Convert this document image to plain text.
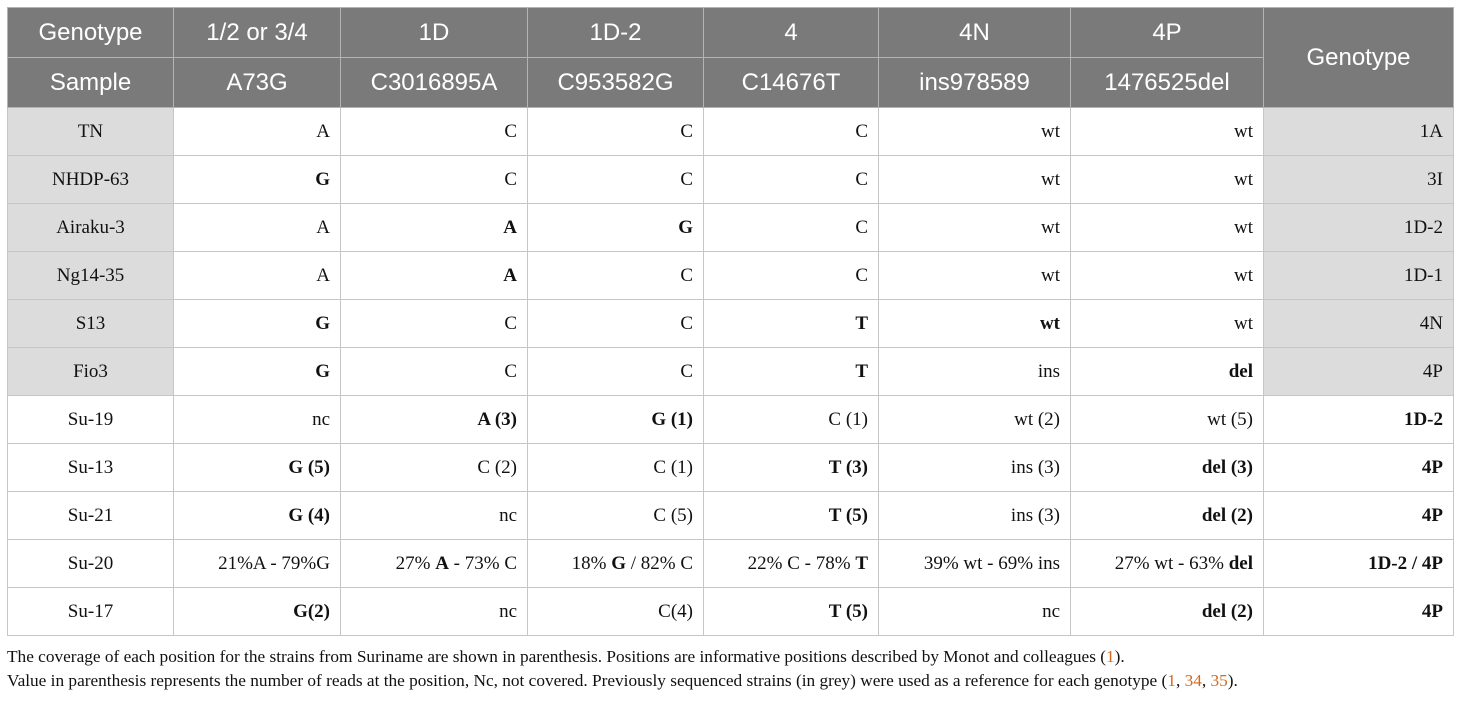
Genotype	1/2 or 3/4	1D	1D-2	4	4N	4P	Genotype
Sample	A73G	C3016895A	C953582G	C14676T	ins978589	1476525del	
TN	A	C	C	C	wt	wt	1A
NHDP-63	G	C	C	C	wt	wt	3I
Airaku-3	A	A	G	C	wt	wt	1D-2
Ng14-35	A	A	C	C	wt	wt	1D-1
S13	G	C	C	T	wt	wt	4N
Fio3	G	C	C	T	ins	del	4P
Su-19	nc	A (3)	G (1)	C (1)	wt (2)	wt (5)	1D-2
Su-13	G (5)	C (2)	C (1)	T (3)	ins (3)	del (3)	4P
Su-21	G (4)	nc	C (5)	T (5)	ins (3)	del (2)	4P
Su-20	21%A - 79%G	27% A - 73% C	18% G / 82% C	22% C - 78% T	39% wt - 69% ins	27% wt - 63% del	1D-2 / 4P
Su-17	G(2)	nc	C(4)	T (5)	nc	del (2)	4P

The coverage of each position for the strains from Suriname are shown in parenthesis. Positions are informative positions described by Monot and colleagues (1).

Value in parenthesis represents the number of reads at the position, Nc, not covered. Previously sequenced strains (in grey) were used as a reference for each genotype (1, 34, 35).
